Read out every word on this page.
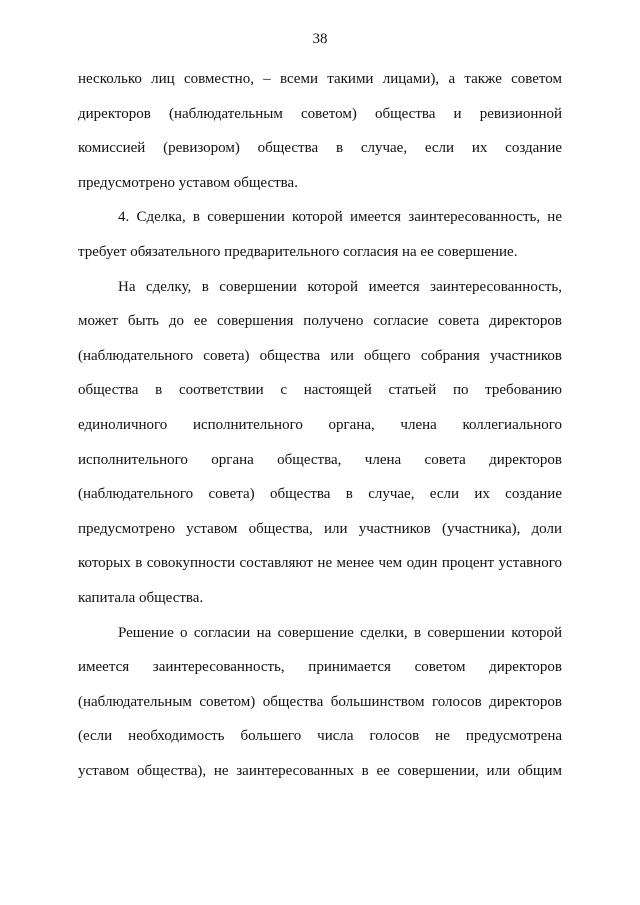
38
несколько лиц совместно, – всеми такими лицами), а также советом
директоров (наблюдательным советом) общества и ревизионной
комиссией (ревизором) общества в случае, если их создание
предусмотрено уставом общества.
4. Сделка, в совершении которой имеется заинтересованность, не
требует обязательного предварительного согласия на ее совершение.
На сделку, в совершении которой имеется заинтересованность,
может быть до ее совершения получено согласие совета директоров
(наблюдательного совета) общества или общего собрания участников
общества в соответствии с настоящей статьей по требованию
единоличного исполнительного органа, члена коллегиального
исполнительного органа общества, члена совета директоров
(наблюдательного совета) общества в случае, если их создание
предусмотрено уставом общества, или участников (участника), доли
которых в совокупности составляют не менее чем один процент уставного
капитала общества.
Решение о согласии на совершение сделки, в совершении которой
имеется заинтересованность, принимается советом директоров
(наблюдательным советом) общества большинством голосов директоров
(если необходимость большего числа голосов не предусмотрена
уставом общества), не заинтересованных в ее совершении, или общим
